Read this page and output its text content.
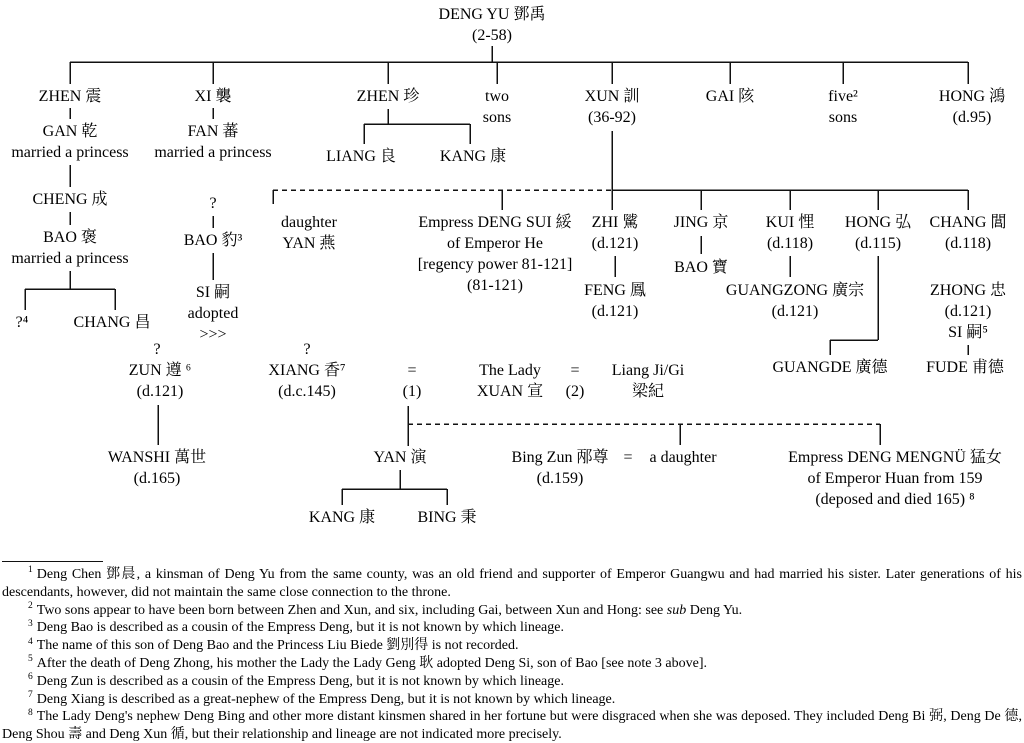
DENG YU 鄧禹
(2-58)
ZHEN 震	XI 襲	ZHEN 珍	two
sons
XUN 訓
(36-92)
GAI 陔	five²
sons
HONG 鴻
(d.95)
GAN 乾
married a princess
CHENG 成
BAO 褒
married a princess
?⁴	CHANG 昌
?
ZUN 遵 ⁶
(d.121)
WANSHI 萬世
(d.165)
FAN 蕃
married a princess
?
BAO 豹³
SI 嗣
adopted
>>>
LIANG 良	KANG 康
daughter
YAN 燕
Empress DENG SUI 綏
of Emperor He
[regency power 81-121]
(81-121)
ZHI 騭
(d.121)
FENG 鳳
(d.121)
JING 京
BAO 寶
KUI 悝
(d.118)
GUANGZONG 廣宗
(d.121)
HONG 弘
(d.115)
CHANG 閶
(d.118)
ZHONG 忠
(d.121)
SI 嗣⁵
?
XIANG 香⁷
(d.c.145)
=
(1)
The Lady
XUAN 宣
=
(2)
Liang Ji/Gi
梁紀
GUANGDE 廣德 FUDE 甫德
YAN 演
KANG 康	BING 秉
Bing Zun 邴尊
(d.159)
= a daughter	Empress DENG MENGNÜ 猛女
of Emperor Huan from 159
(deposed and died 165) ⁸

$^1$ Deng Chen 鄧晨, a kinsman of Deng Yu from the same county, was an old friend and supporter of Emperor Guangwu and had married his sister. Later generations of his descendants, however, did not maintain the same close connection to the throne.

$^2$ Two sons appear to have been born between Zhen and Xun, and six, including Gai, between Xun and Hong: see sub Deng Yu.

$^3$ Deng Bao is described as a cousin of the Empress Deng, but it is not known by which lineage.

$^4$ The name of this son of Deng Bao and the Princess Liu Biede 劉別得 is not recorded.

$^5$ After the death of Deng Zhong, his mother the Lady the Lady Geng 耿 adopted Deng Si, son of Bao [see note 3 above].

$^6$ Deng Zun is described as a cousin of the Empress Deng, but it is not known by which lineage.

$^7$ Deng Xiang is described as a great-nephew of the Empress Deng, but it is not known by which lineage.

$^8$ The Lady Deng's nephew Deng Bing and other more distant kinsmen shared in her fortune but were disgraced when she was deposed. They included Deng Bi 弼, Deng De 德, Deng Shou 壽 and Deng Xun 循, but their relationship and lineage are not indicated more precisely.
